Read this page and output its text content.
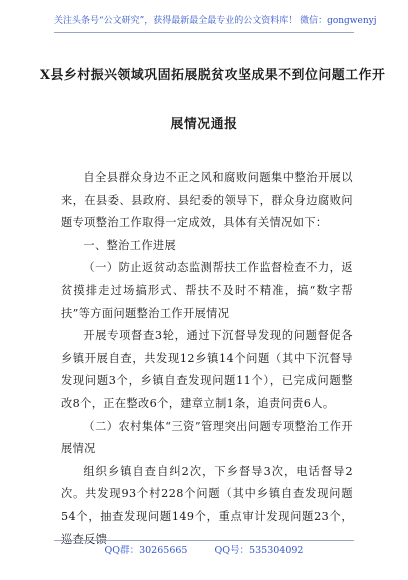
关注头条号“公文研究”，获得最新最全最专业的公文资料库！ 微信：gongwenyj
X县乡村振兴领域巩固拓展脱贫攻坚成果不到位问题工作开
展情况通报

自全县群众身边不正之风和腐败问题集中整治开展以来，在县委、县政府、县纪委的领导下，群众身边腐败问题专项整治工作取得一定成效，具体有关情况如下：

一、整治工作进展

（一）防止返贫动态监测帮扶工作监督检查不力，返贫摸排走过场搞形式、帮扶不及时不精准，搞“数字帮扶”等方面问题整治工作开展情况

开展专项督查3轮，通过下沉督导发现的问题督促各乡镇开展自查，共发现12乡镇14个问题（其中下沉督导发现问题3个，乡镇自查发现问题11个），已完成问题整改8个，正在整改6个，建章立制1条，追责问责6人。

（二）农村集体“三资”管理突出问题专项整治工作开展情况

组织乡镇自查自纠2次，下乡督导3次，电话督导2次。共发现93个村228个问题（其中乡镇自查发现问题54个，抽查发现问题149个，重点审计发现问题23个，巡查反馈

QQ群：30265665	QQ号：535304092
